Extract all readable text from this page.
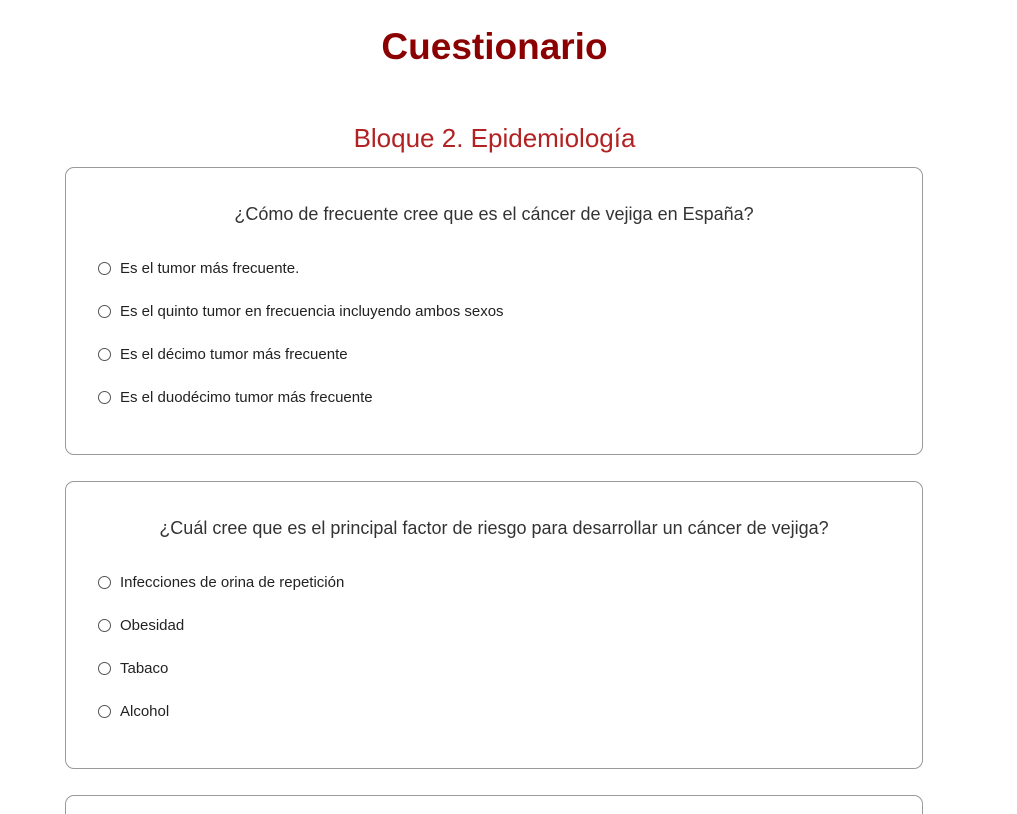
Cuestionario
Bloque 2. Epidemiología

¿Cómo de frecuente cree que es el cáncer de vejiga en España?

Es el tumor más frecuente.
Es el quinto tumor en frecuencia incluyendo ambos sexos
Es el décimo tumor más frecuente
Es el duodécimo tumor más frecuente

¿Cuál cree que es el principal factor de riesgo para desarrollar un cáncer de vejiga?

Infecciones de orina de repetición
Obesidad
Tabaco
Alcohol
